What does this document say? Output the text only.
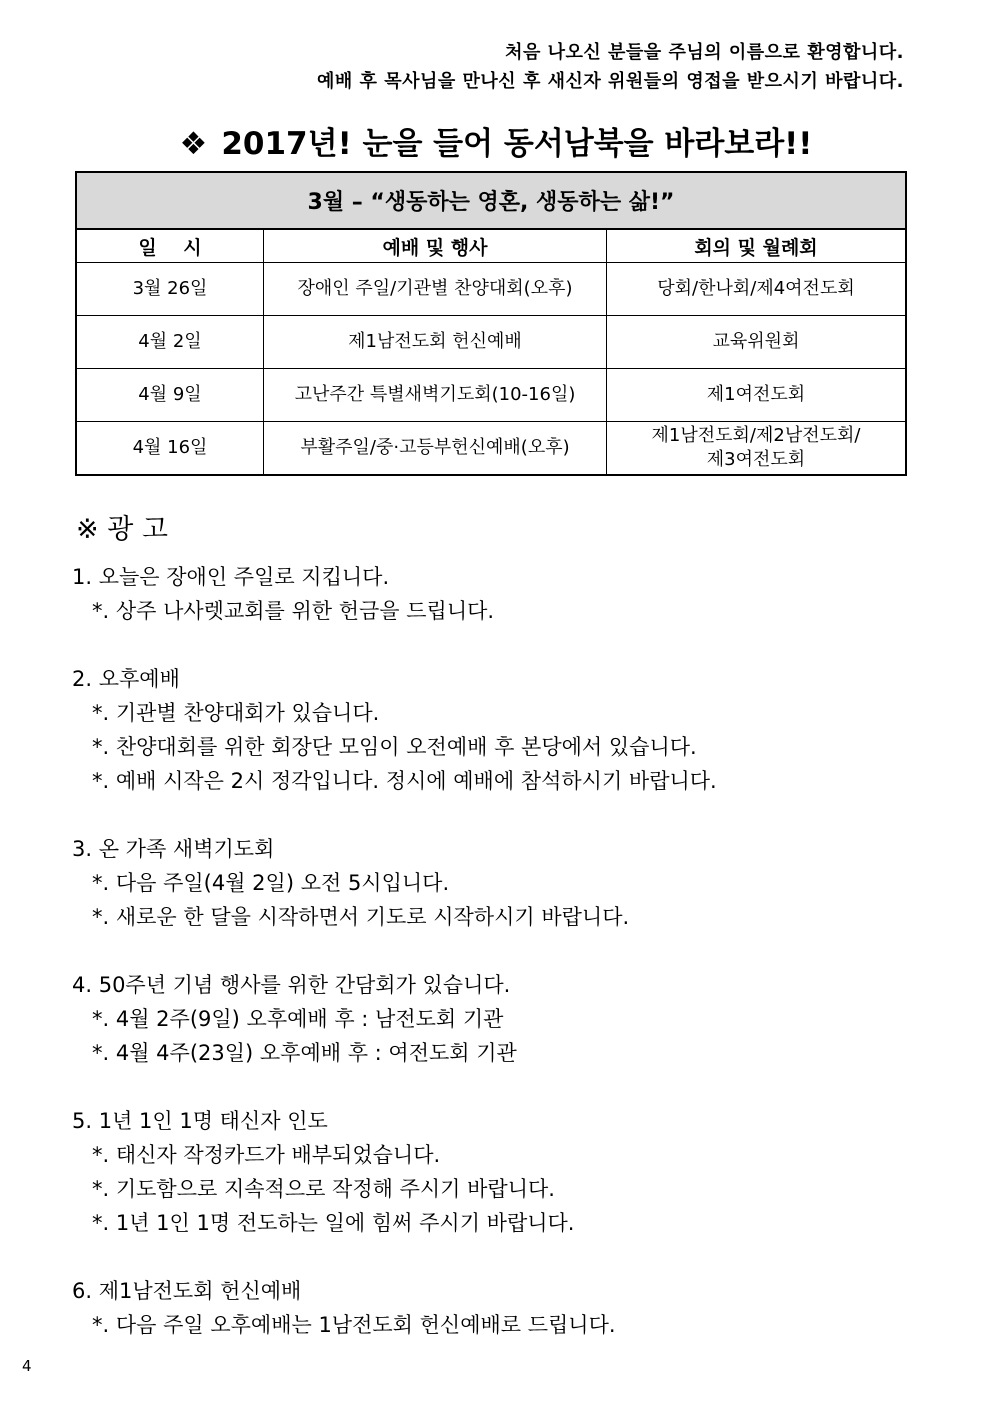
처음 나오신 분들을 주님의 이름으로 환영합니다.
예배 후 목사님을 만나신 후 새신자 위원들의 영접을 받으시기 바랍니다.
❖ 2017년! 눈을 들어 동서남북을 바라보라!!
3월 – “생동하는 영혼, 생동하는 삶!”		
일    시	예배 및 행사	회의 및 월례회
3월 26일	장애인 주일/기관별 찬양대회(오후)	당회/한나회/제4여전도회
4월 2일	제1남전도회 헌신예배	교육위원회
4월 9일	고난주간 특별새벽기도회(10-16일)	제1여전도회
4월 16일	부활주일/중·고등부헌신예배(오후)	제1남전도회/제2남전도회/
제3여전도회
※ 광 고
1. 오늘은 장애인 주일로 지킵니다.
*. 상주 나사렛교회를 위한 헌금을 드립니다.
2. 오후예배
*. 기관별 찬양대회가 있습니다.
*. 찬양대회를 위한 회장단 모임이 오전예배 후 본당에서 있습니다.
*. 예배 시작은 2시 정각입니다. 정시에 예배에 참석하시기 바랍니다.
3. 온 가족 새벽기도회
*. 다음 주일(4월 2일) 오전 5시입니다.
*. 새로운 한 달을 시작하면서 기도로 시작하시기 바랍니다.
4. 50주년 기념 행사를 위한 간담회가 있습니다.
*. 4월 2주(9일) 오후예배 후 : 남전도회 기관
*. 4월 4주(23일) 오후예배 후 : 여전도회 기관
5. 1년 1인 1명 태신자 인도
*. 태신자 작정카드가 배부되었습니다.
*. 기도함으로 지속적으로 작정해 주시기 바랍니다.
*. 1년 1인 1명 전도하는 일에 힘써 주시기 바랍니다.
6. 제1남전도회 헌신예배
*. 다음 주일 오후예배는 1남전도회 헌신예배로 드립니다.
4
